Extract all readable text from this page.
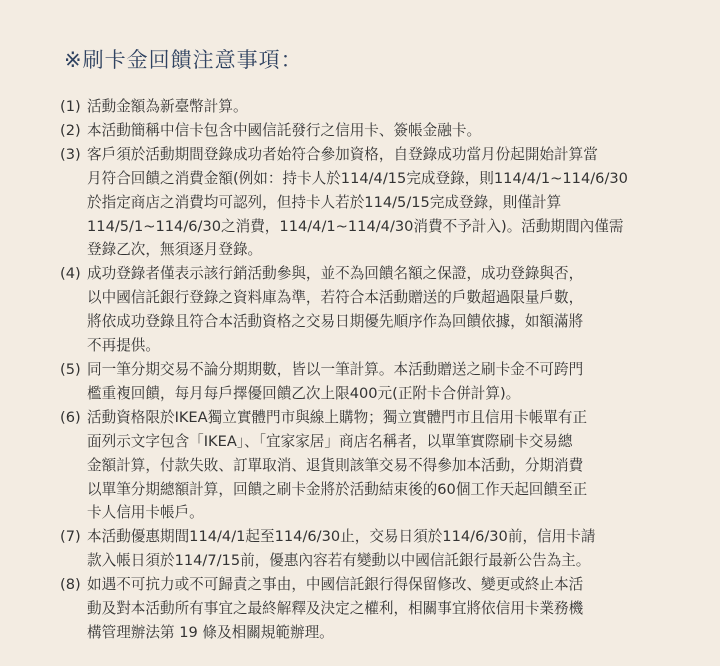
※刷卡金回饋注意事項：
(1) 活動金額為新臺幣計算。
(2) 本活動簡稱中信卡包含中國信託發行之信用卡、簽帳金融卡。
(3) 客戶須於活動期間登錄成功者始符合參加資格，自登錄成功當月份起開始計算當
月符合回饋之消費金額(例如：持卡人於114/4/15完成登錄，則114/4/1~114/6/30
於指定商店之消費均可認列，但持卡人若於114/5/15完成登錄，則僅計算
114/5/1~114/6/30之消費，114/4/1~114/4/30消費不予計入)。活動期間內僅需
登錄乙次，無須逐月登錄。
(4) 成功登錄者僅表示該行銷活動參與，並不為回饋名額之保證，成功登錄與否，
以中國信託銀行登錄之資料庫為準，若符合本活動贈送的戶數超過限量戶數，
將依成功登錄且符合本活動資格之交易日期優先順序作為回饋依據，如額滿將
不再提供。
(5) 同一筆分期交易不論分期期數，皆以一筆計算。本活動贈送之刷卡金不可跨門
檻重複回饋，每月每戶擇優回饋乙次上限400元(正附卡合併計算)。
(6) 活動資格限於IKEA獨立實體門市與線上購物；獨立實體門市且信用卡帳單有正
面列示文字包含「IKEA」、「宜家家居」商店名稱者，以單筆實際刷卡交易總
金額計算，付款失敗、訂單取消、退貨則該筆交易不得參加本活動，分期消費
以單筆分期總額計算，回饋之刷卡金將於活動結束後的60個工作天起回饋至正
卡人信用卡帳戶。
(7) 本活動優惠期間114/4/1起至114/6/30止，交易日須於114/6/30前，信用卡請
款入帳日須於114/7/15前，優惠內容若有變動以中國信託銀行最新公告為主。
(8) 如遇不可抗力或不可歸責之事由，中國信託銀行得保留修改、變更或終止本活
動及對本活動所有事宜之最終解釋及決定之權利，相關事宜將依信用卡業務機
構管理辦法第 19 條及相關規範辦理。
